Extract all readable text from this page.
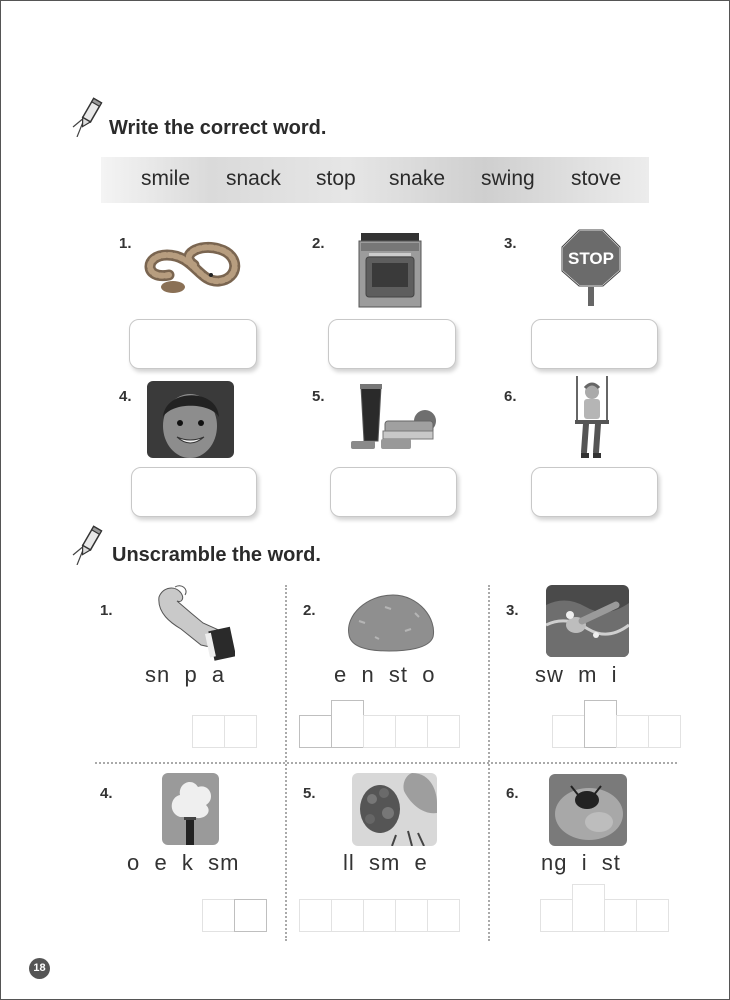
Write the correct word.
smile snack stop snake swing stove
1.	2.	3.
STOP
4.	5.	6.
Unscramble the word.
1.
sn  p  a
2.
e  n  st  o
3.
sw  m  i
4.
o  e  k  sm
5.
ll  sm  e
6.
ng  i  st
18
